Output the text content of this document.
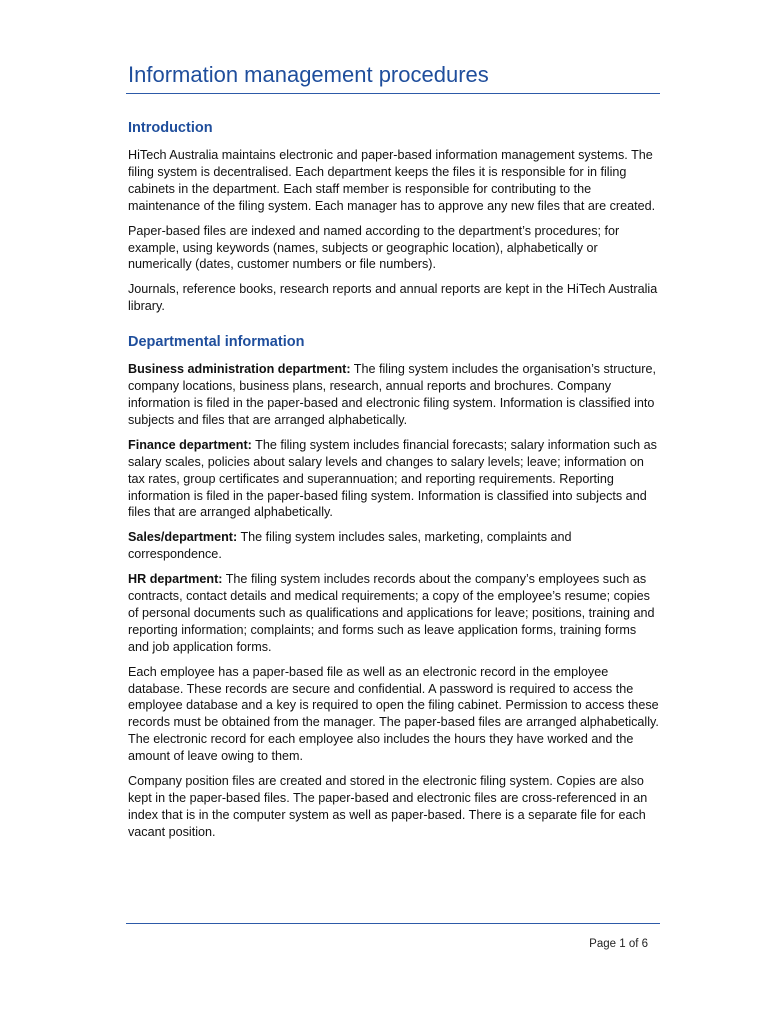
Information management procedures
Introduction

HiTech Australia maintains electronic and paper-based information management systems. The filing system is decentralised. Each department keeps the files it is responsible for in filing cabinets in the department. Each staff member is responsible for contributing to the maintenance of the filing system. Each manager has to approve any new files that are created.

Paper-based files are indexed and named according to the department’s procedures; for example, using keywords (names, subjects or geographic location), alphabetically or numerically (dates, customer numbers or file numbers).

Journals, reference books, research reports and annual reports are kept in the HiTech Australia library.

Departmental information

Business administration department: The filing system includes the organisation’s structure, company locations, business plans, research, annual reports and brochures. Company information is filed in the paper-based and electronic filing system. Information is classified into subjects and files that are arranged alphabetically.

Finance department: The filing system includes financial forecasts; salary information such as salary scales, policies about salary levels and changes to salary levels; leave; information on tax rates, group certificates and superannuation; and reporting requirements. Reporting information is filed in the paper-based filing system. Information is classified into subjects and files that are arranged alphabetically.

Sales/department: The filing system includes sales, marketing, complaints and correspondence.

HR department: The filing system includes records about the company’s employees such as contracts, contact details and medical requirements; a copy of the employee’s resume; copies of personal documents such as qualifications and applications for leave; positions, training and reporting information; complaints; and forms such as leave application forms, training forms and job application forms.

Each employee has a paper-based file as well as an electronic record in the employee database. These records are secure and confidential. A password is required to access the employee database and a key is required to open the filing cabinet. Permission to access these records must be obtained from the manager. The paper-based files are arranged alphabetically. The electronic record for each employee also includes the hours they have worked and the amount of leave owing to them.

Company position files are created and stored in the electronic filing system. Copies are also kept in the paper-based files. The paper-based and electronic files are cross-referenced in an index that is in the computer system as well as paper-based. There is a separate file for each vacant position.

Page 1 of 6
